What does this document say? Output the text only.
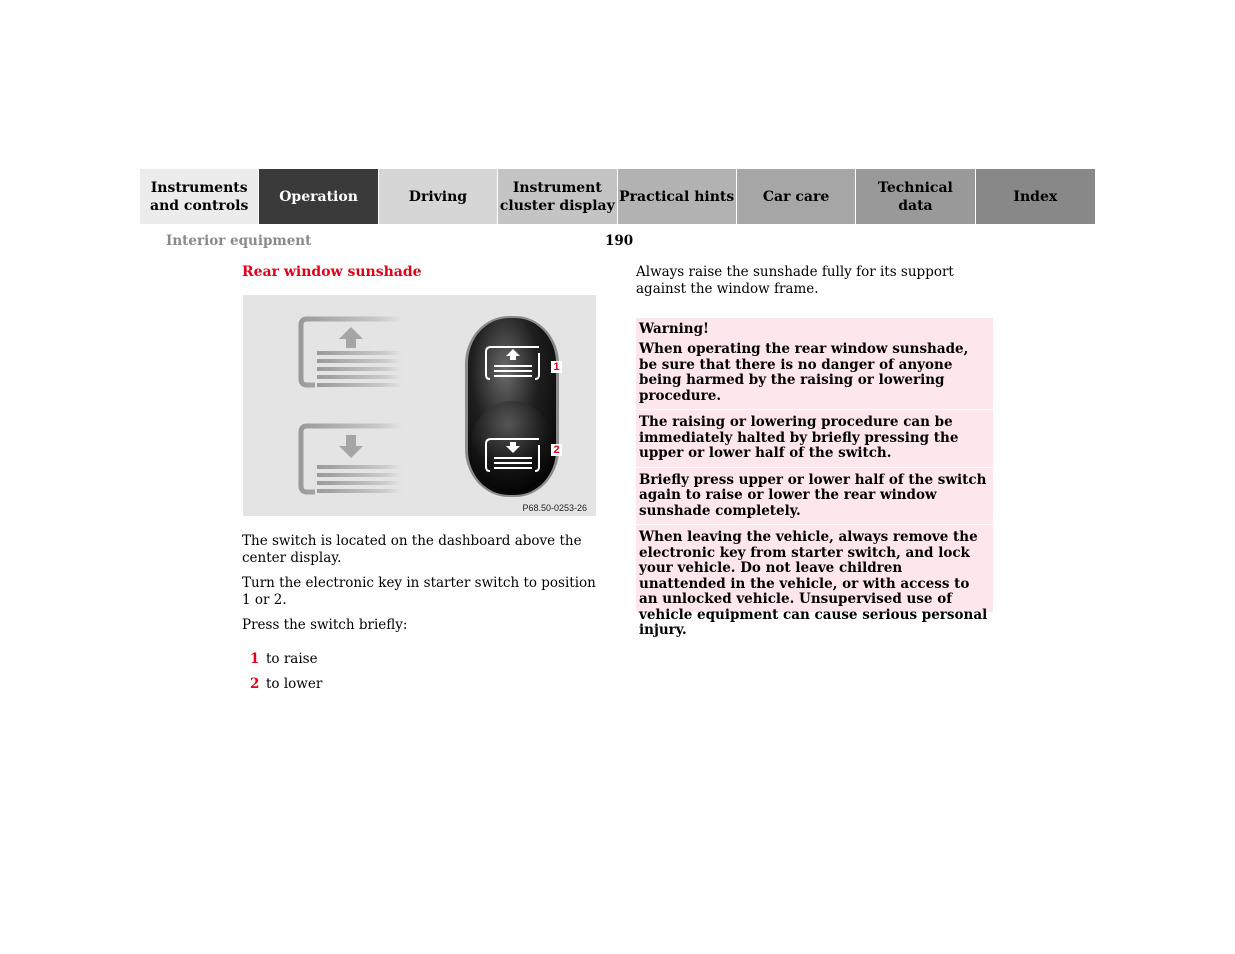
Instruments
and controls
Operation	Driving
Instrument
cluster display
Practical hints	Car care
Technical
data
Index
Interior equipment	190
Rear window sunshade
1
2
P68.50-0253-26

The switch is located on the dashboard above the center display.

Turn the electronic key in starter switch to position 1 or 2.

Press the switch briefly:

1 to raise
2 to lower
Always raise the sunshade fully for its support against the window frame.
Warning!

When operating the rear window sunshade, be sure that there is no danger of anyone being harmed by the raising or lowering procedure.

The raising or lowering procedure can be immediately halted by briefly pressing the upper or lower half of the switch.

Briefly press upper or lower half of the switch again to raise or lower the rear window sunshade completely.

When leaving the vehicle, always remove the electronic key from starter switch, and lock your vehicle. Do not leave children unattended in the vehicle, or with access to an unlocked vehicle. Unsupervised use of vehicle equipment can cause serious personal injury.
